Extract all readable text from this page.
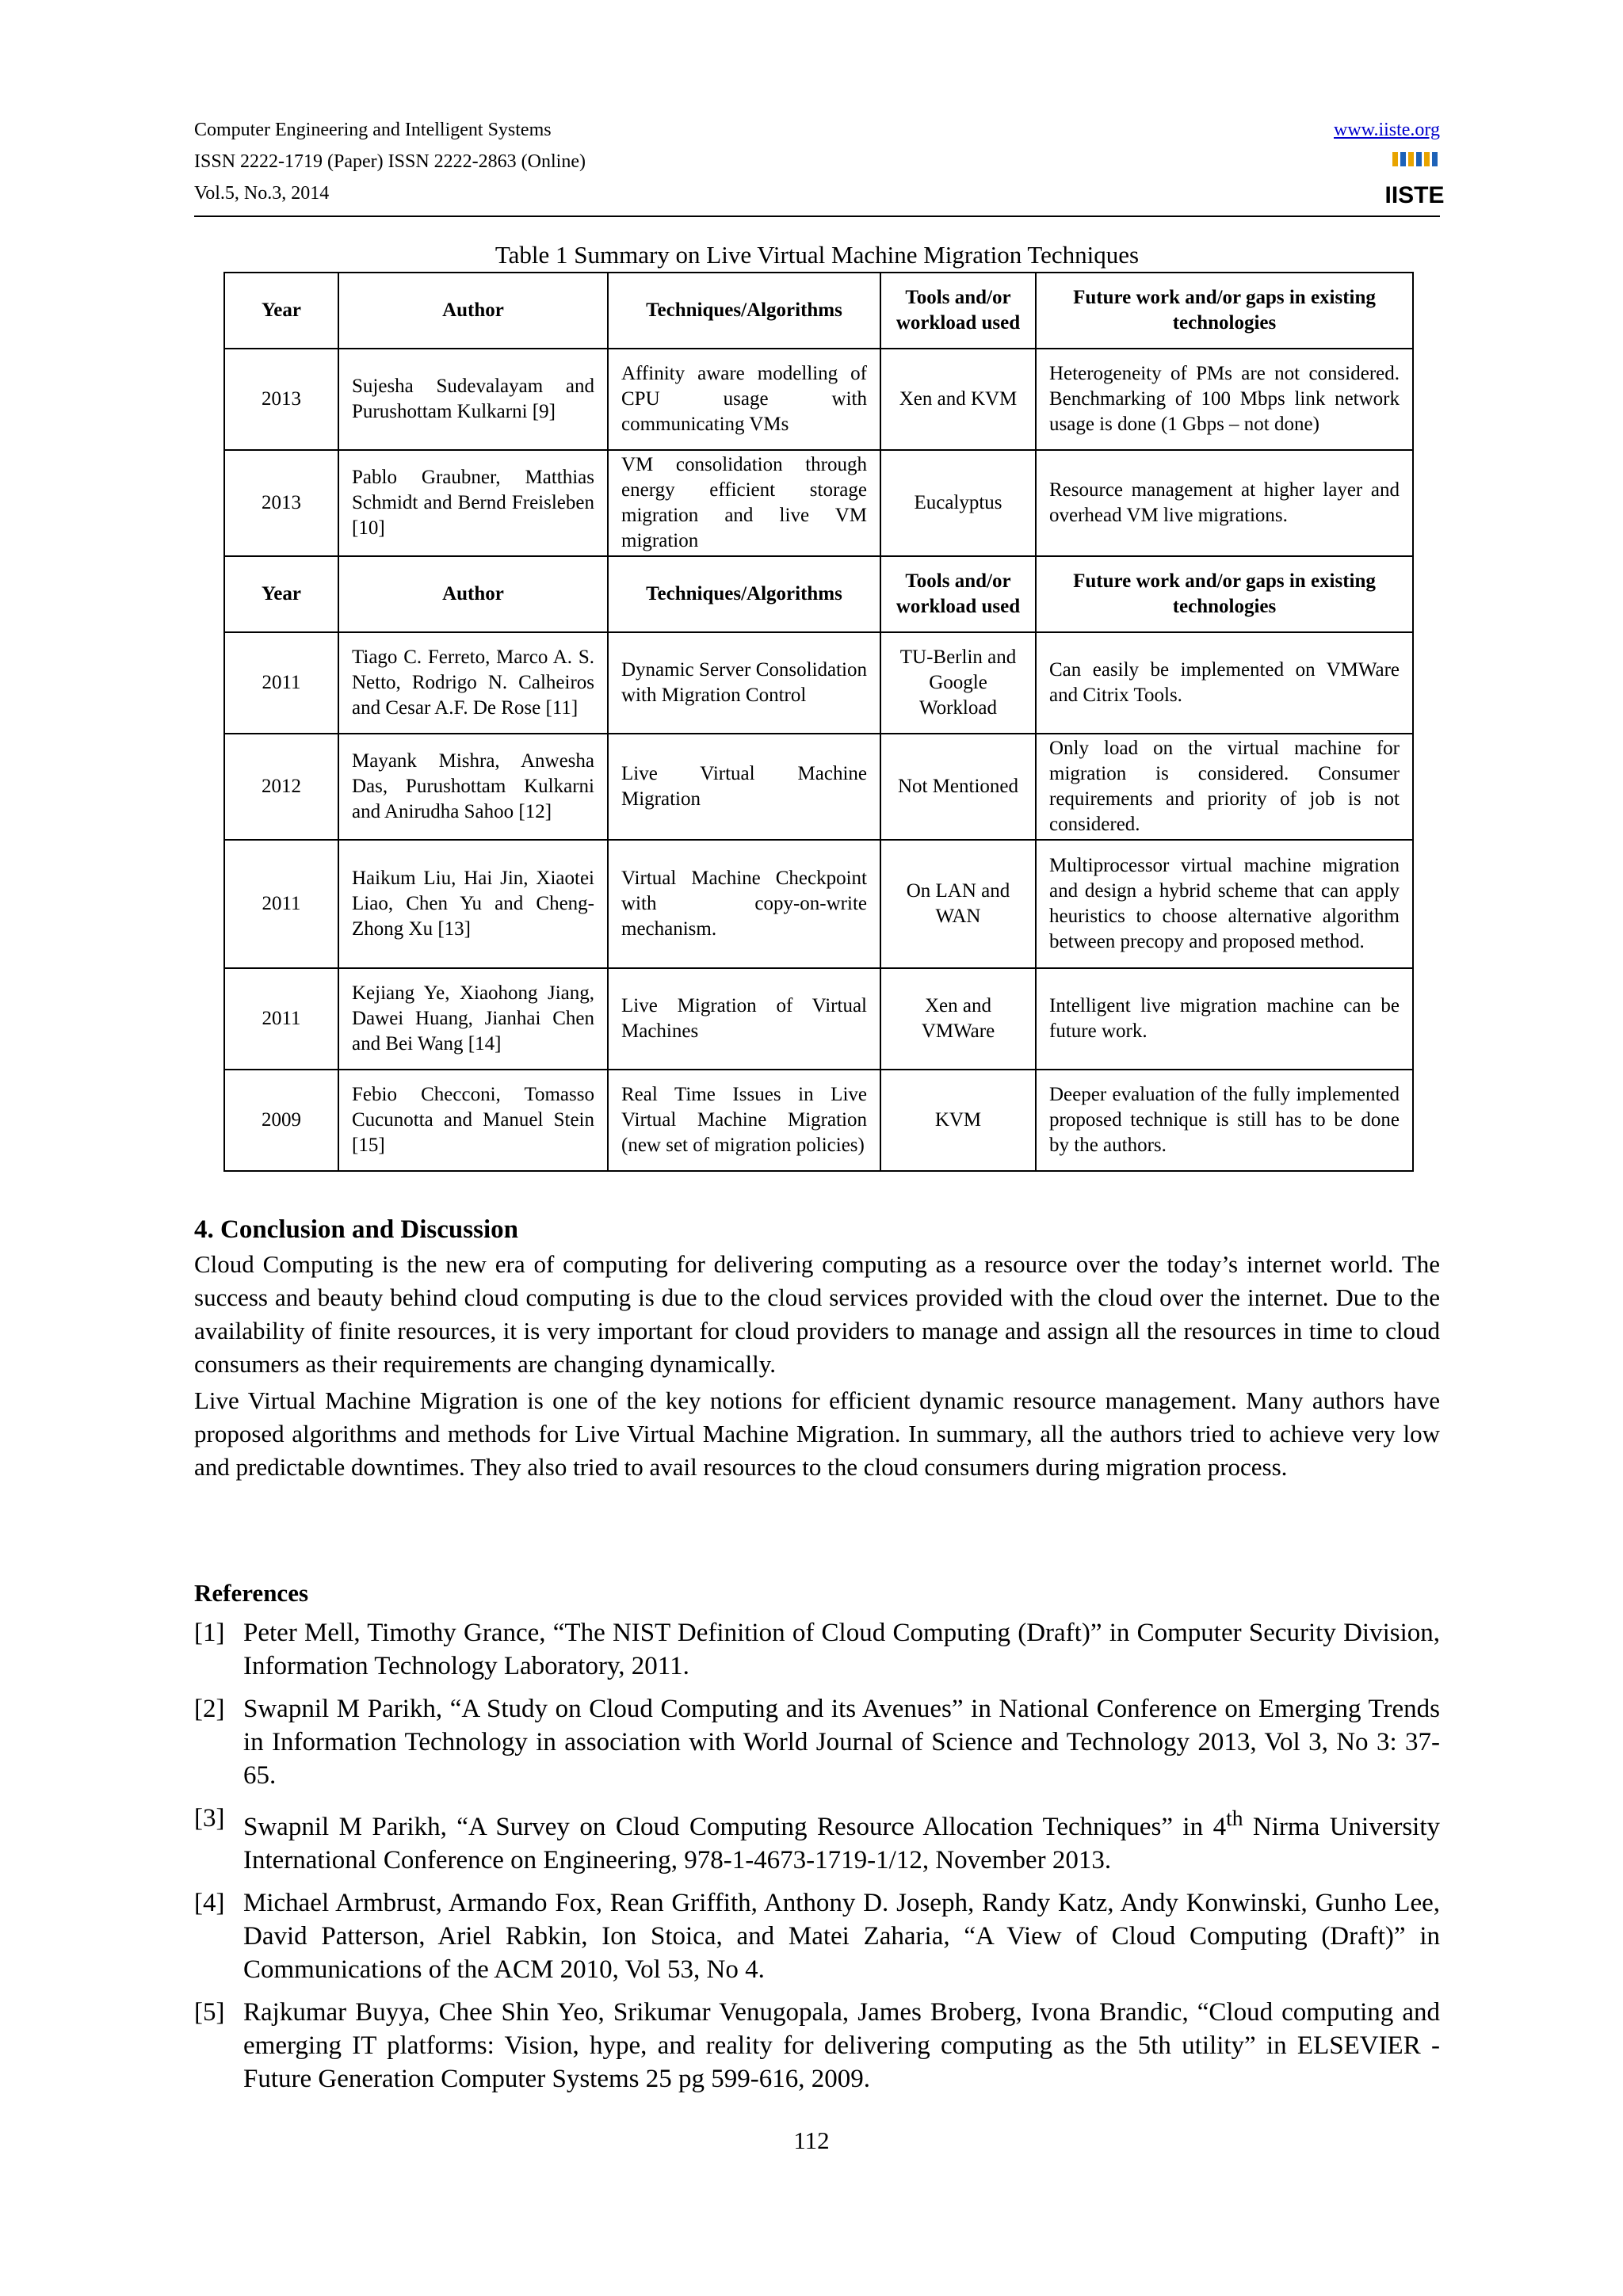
Computer Engineering and Intelligent Systems
ISSN 2222-1719 (Paper) ISSN 2222-2863 (Online)
Vol.5, No.3, 2014
www.iiste.org
IISTE
Table 1 Summary on Live Virtual Machine Migration Techniques
Year	Author	Techniques/Algorithms	Tools and/or workload used	Future work and/or gaps in existing technologies
2013	Sujesha Sudevalayam and Purushottam Kulkarni [9]	Affinity aware modelling of CPU usage with communicating VMs	Xen and KVM	Heterogeneity of PMs are not considered. Benchmarking of 100 Mbps link network usage is done (1 Gbps – not done)
2013	Pablo Graubner, Matthias Schmidt and Bernd Freisleben [10]	VM consolidation through energy efficient storage migration and live VM migration	Eucalyptus	Resource management at higher layer and overhead VM live migrations.
Year	Author	Techniques/Algorithms	Tools and/or workload used	Future work and/or gaps in existing technologies
2011	Tiago C. Ferreto, Marco A. S. Netto, Rodrigo N. Calheiros and Cesar A.F. De Rose [11]	Dynamic Server Consolidation with Migration Control	TU-Berlin and Google Workload	Can easily be implemented on VMWare and Citrix Tools.
2012	Mayank Mishra, Anwesha Das, Purushottam Kulkarni and Anirudha Sahoo [12]	Live Virtual Machine Migration	Not Mentioned	Only load on the virtual machine for migration is considered. Consumer requirements and priority of job is not considered.
2011	Haikum Liu, Hai Jin, Xiaotei Liao, Chen Yu and Cheng-Zhong Xu [13]	Virtual Machine Checkpoint with copy-on-write mechanism.	On LAN and WAN	Multiprocessor virtual machine migration and design a hybrid scheme that can apply heuristics to choose alternative algorithm between precopy and proposed method.
2011	Kejiang Ye, Xiaohong Jiang, Dawei Huang, Jianhai Chen and Bei Wang [14]	Live Migration of Virtual Machines	Xen and VMWare	Intelligent live migration machine can be future work.
2009	Febio Checconi, Tomasso Cucunotta and Manuel Stein [15]	Real Time Issues in Live Virtual Machine Migration (new set of migration policies)	KVM	Deeper evaluation of the fully implemented proposed technique is still has to be done by the authors.
4. Conclusion and Discussion
Cloud Computing is the new era of computing for delivering computing as a resource over the today’s internet world. The success and beauty behind cloud computing is due to the cloud services provided with the cloud over the internet. Due to the availability of finite resources, it is very important for cloud providers to manage and assign all the resources in time to cloud consumers as their requirements are changing dynamically.
Live Virtual Machine Migration is one of the key notions for efficient dynamic resource management. Many authors have proposed algorithms and methods for Live Virtual Machine Migration. In summary, all the authors tried to achieve very low and predictable downtimes. They also tried to avail resources to the cloud consumers during migration process.
References
[1] Peter Mell, Timothy Grance, “The NIST Definition of Cloud Computing (Draft)” in Computer Security Division, Information Technology Laboratory, 2011.
[2] Swapnil M Parikh, “A Study on Cloud Computing and its Avenues” in National Conference on Emerging Trends in Information Technology in association with World Journal of Science and Technology 2013, Vol 3, No 3: 37-65.
[3] Swapnil M Parikh, “A Survey on Cloud Computing Resource Allocation Techniques” in 4th Nirma University International Conference on Engineering, 978-1-4673-1719-1/12, November 2013.
[4] Michael Armbrust, Armando Fox, Rean Griffith, Anthony D. Joseph, Randy Katz, Andy Konwinski, Gunho Lee, David Patterson, Ariel Rabkin, Ion Stoica, and Matei Zaharia, “A View of Cloud Computing (Draft)” in Communications of the ACM 2010, Vol 53, No 4.
[5] Rajkumar Buyya, Chee Shin Yeo, Srikumar Venugopala, James Broberg, Ivona Brandic, “Cloud computing and emerging IT platforms: Vision, hype, and reality for delivering computing as the 5th utility” in ELSEVIER - Future Generation Computer Systems 25 pg 599-616, 2009.
112
